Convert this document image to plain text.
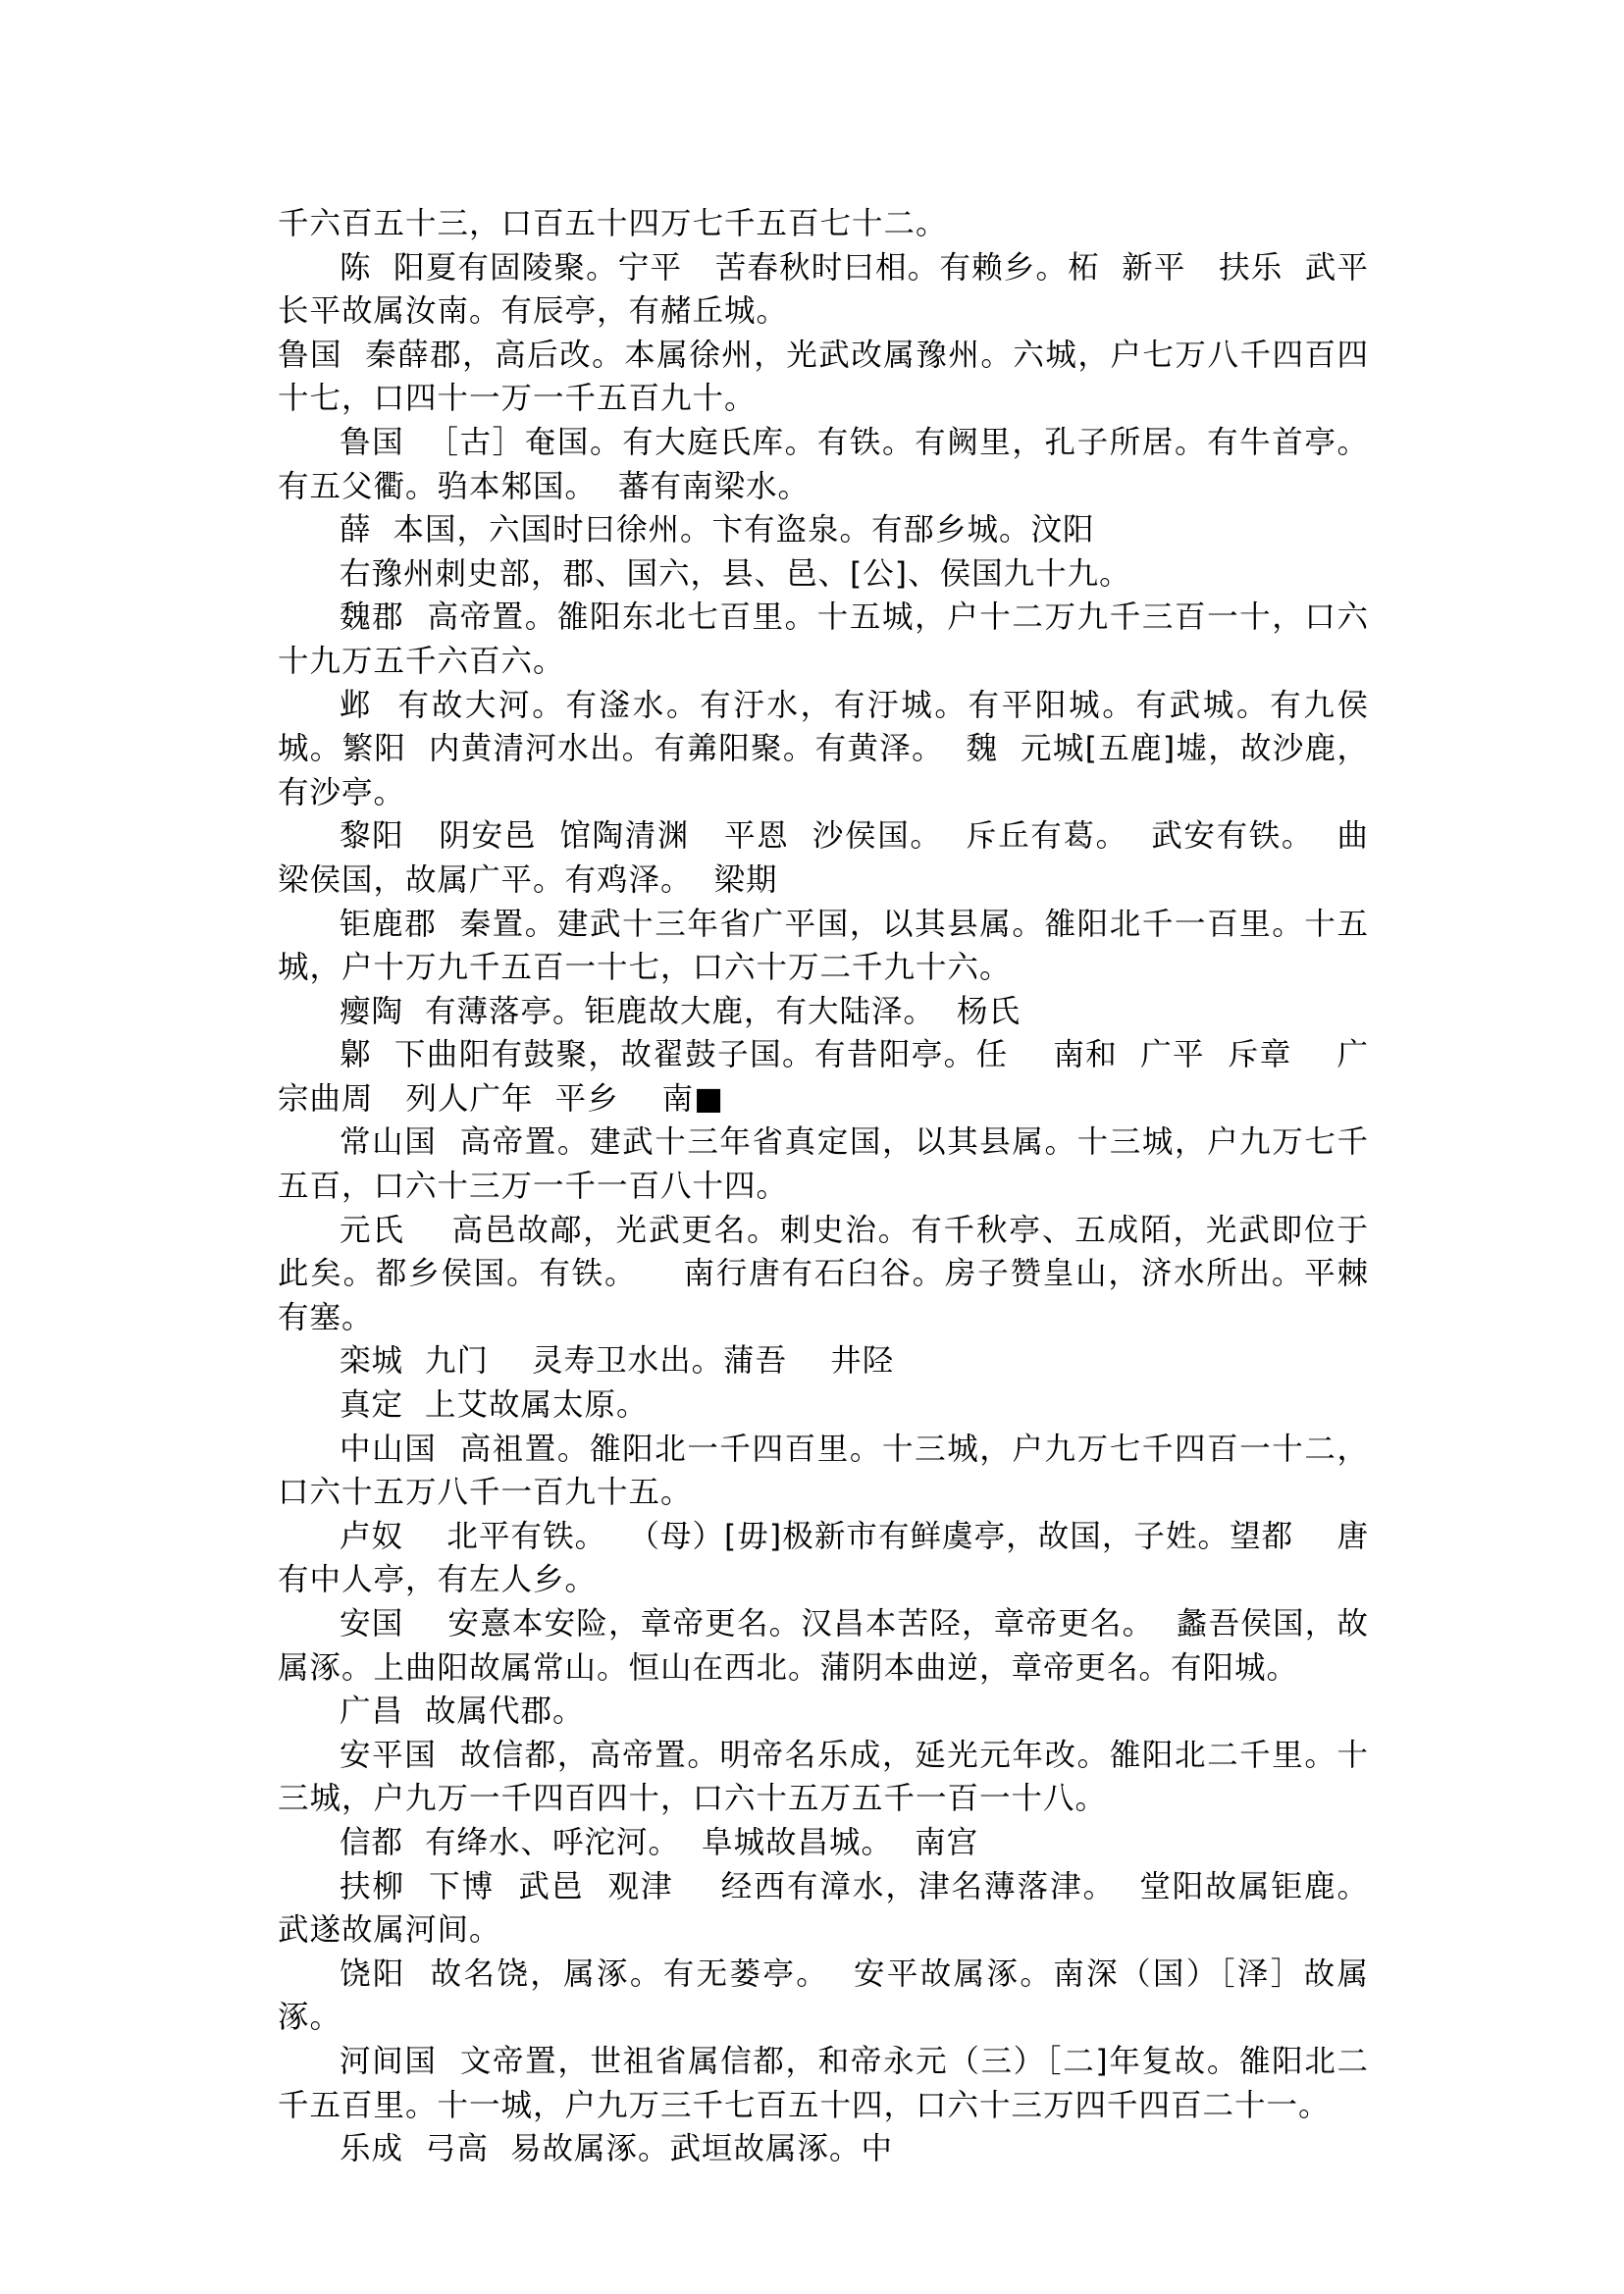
千六百五十三，口百五十四万七千五百七十二。

陈  阳夏有固陵聚。宁平   苦春秋时曰相。有赖乡。柘  新平   扶乐  武平长平故属汝南。有辰亭，有赭丘城。

鲁国  秦薛郡，高后改。本属徐州，光武改属豫州。六城，户七万八千四百四十七，口四十一万一千五百九十。

鲁国  ［古］奄国。有大庭氏库。有铁。有阙里，孔子所居。有牛首亭。有五父衢。驺本邾国。  蕃有南梁水。

薛  本国，六国时曰徐州。卞有盗泉。有郚乡城。汶阳

右豫州刺史部，郡、国六，县、邑、[公]、侯国九十九。

魏郡  高帝置。雒阳东北七百里。十五城，户十二万九千三百一十，口六十九万五千六百六。

邺  有故大河。有滏水。有汙水，有汙城。有平阳城。有武城。有九侯城。繁阳  内黄清河水出。有羛阳聚。有黄泽。  魏  元城[五鹿]墟，故沙鹿，有沙亭。

黎阳   阴安邑  馆陶清渊   平恩  沙侯国。  斥丘有葛。  武安有铁。  曲梁侯国，故属广平。有鸡泽。  梁期

钜鹿郡  秦置。建武十三年省广平国，以其县属。雒阳北千一百里。十五城，户十万九千五百一十七，口六十万二千九十六。

瘿陶  有薄落亭。钜鹿故大鹿，有大陆泽。  杨氏

鄡  下曲阳有鼓聚，故翟鼓子国。有昔阳亭。任    南和  广平  斥章    广宗曲周   列人广年  平乡    南■

常山国  高帝置。建武十三年省真定国，以其县属。十三城，户九万七千五百，口六十三万一千一百八十四。

元氏    高邑故鄗，光武更名。刺史治。有千秋亭、五成陌，光武即位于此矣。都乡侯国。有铁。    南行唐有石臼谷。房子赞皇山，济水所出。平棘有塞。

栾城  九门    灵寿卫水出。蒲吾    井陉

真定  上艾故属太原。

中山国  高祖置。雒阳北一千四百里。十三城，户九万七千四百一十二，口六十五万八千一百九十五。

卢奴    北平有铁。  （母）[毋]极新市有鲜虞亭，故国，子姓。望都    唐有中人亭，有左人乡。

安国    安憙本安险，章帝更名。汉昌本苦陉，章帝更名。  蠡吾侯国，故属涿。上曲阳故属常山。恒山在西北。蒲阴本曲逆，章帝更名。有阳城。

广昌  故属代郡。

安平国  故信都，高帝置。明帝名乐成，延光元年改。雒阳北二千里。十三城，户九万一千四百四十，口六十五万五千一百一十八。

信都  有绛水、呼沱河。  阜城故昌城。  南宫

扶柳  下博  武邑  观津    经西有漳水，津名薄落津。  堂阳故属钜鹿。  武遂故属河间。

饶阳  故名饶，属涿。有无蒌亭。  安平故属涿。南深（国）［泽］故属涿。

河间国  文帝置，世祖省属信都，和帝永元（三）［二]年复故。雒阳北二千五百里。十一城，户九万三千七百五十四，口六十三万四千四百二十一。

乐成  弓高  易故属涿。武垣故属涿。中
